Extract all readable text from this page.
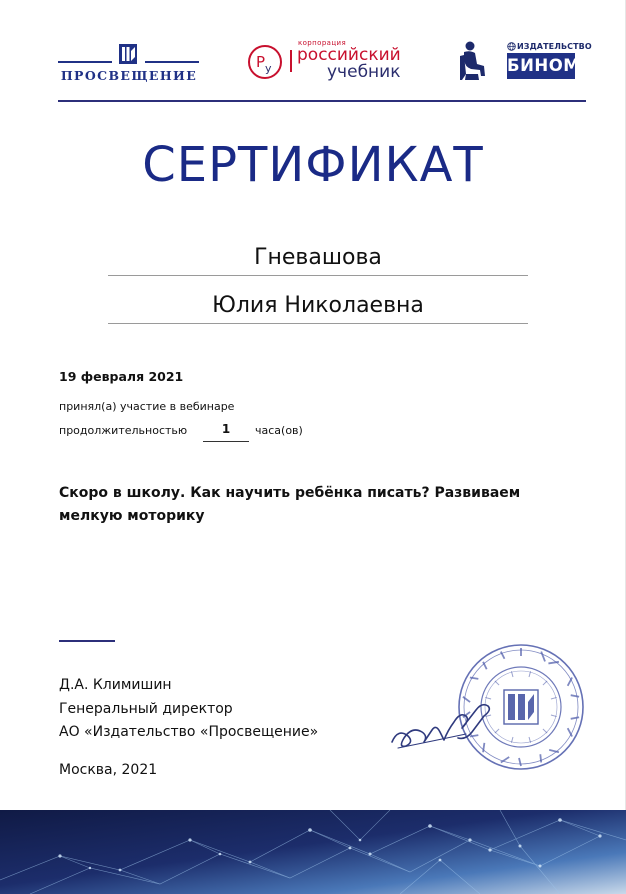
ПРОСВЕЩЕНИЕ
Р у
корпорация
российский
учебник
ИЗДАТЕЛЬСТВО
БИНОМ
СЕРТИФИКАТ
Гневашова
Юлия Николаевна
19 февраля 2021
принял(а) участие в вебинаре
продолжительностью	1	часа(ов)
Скоро в школу. Как научить ребёнка писать? Развиваем мелкую моторику
Д.А. Климишин
Генеральный директор
АО «Издательство «Просвещение»
Москва, 2021
